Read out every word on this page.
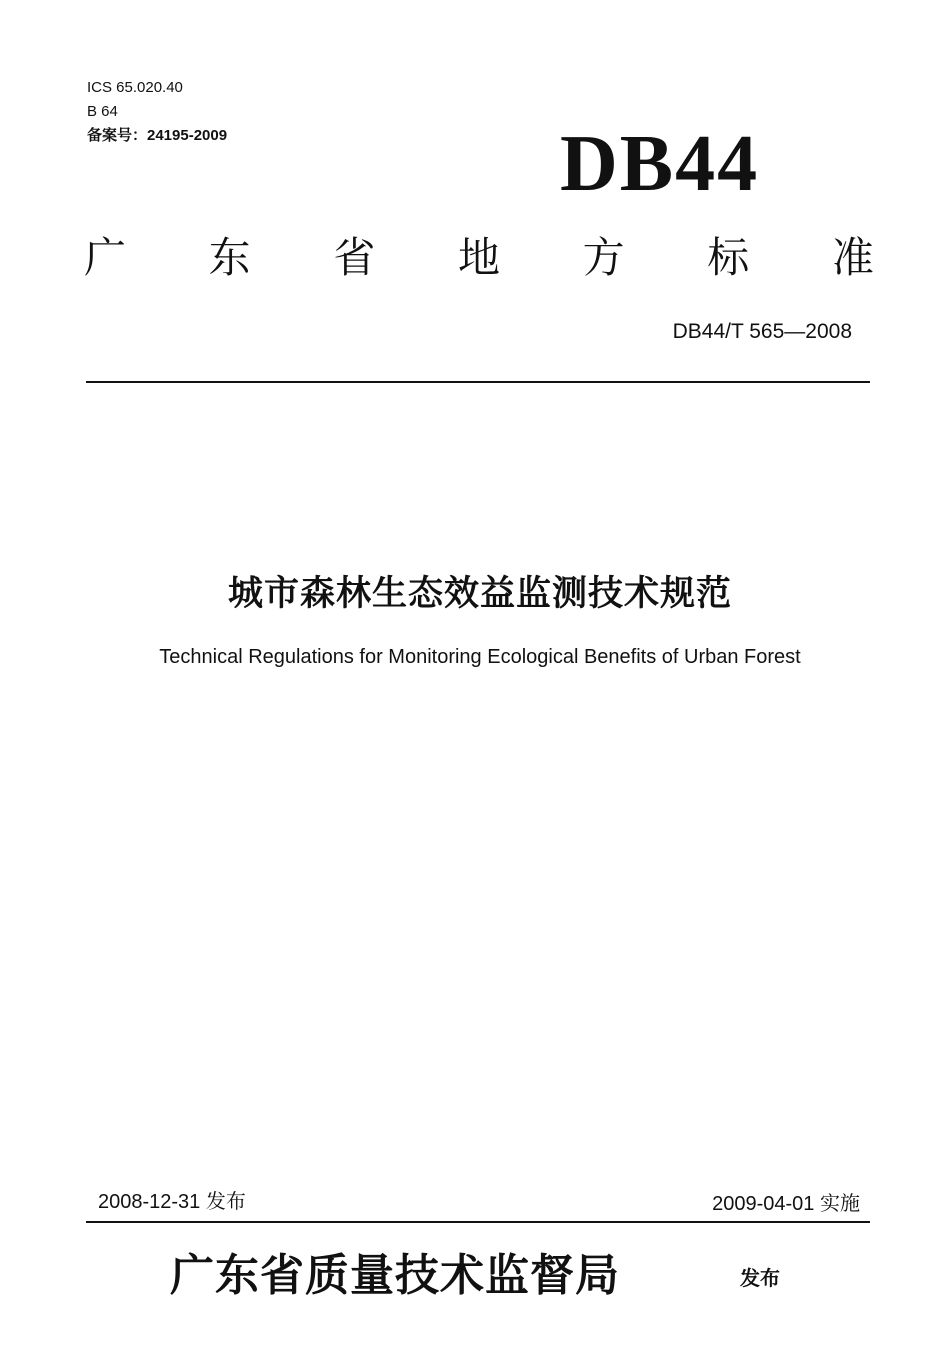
ICS 65.020.40
B 64
备案号：24195-2009	DB44
广 东 省 地 方 标 准
DB44/T 565—2008
城市森林生态效益监测技术规范
Technical Regulations for Monitoring Ecological Benefits of Urban Forest
2008-12-31 发布	2009-04-01 实施
广东省质量技术监督局	发布
